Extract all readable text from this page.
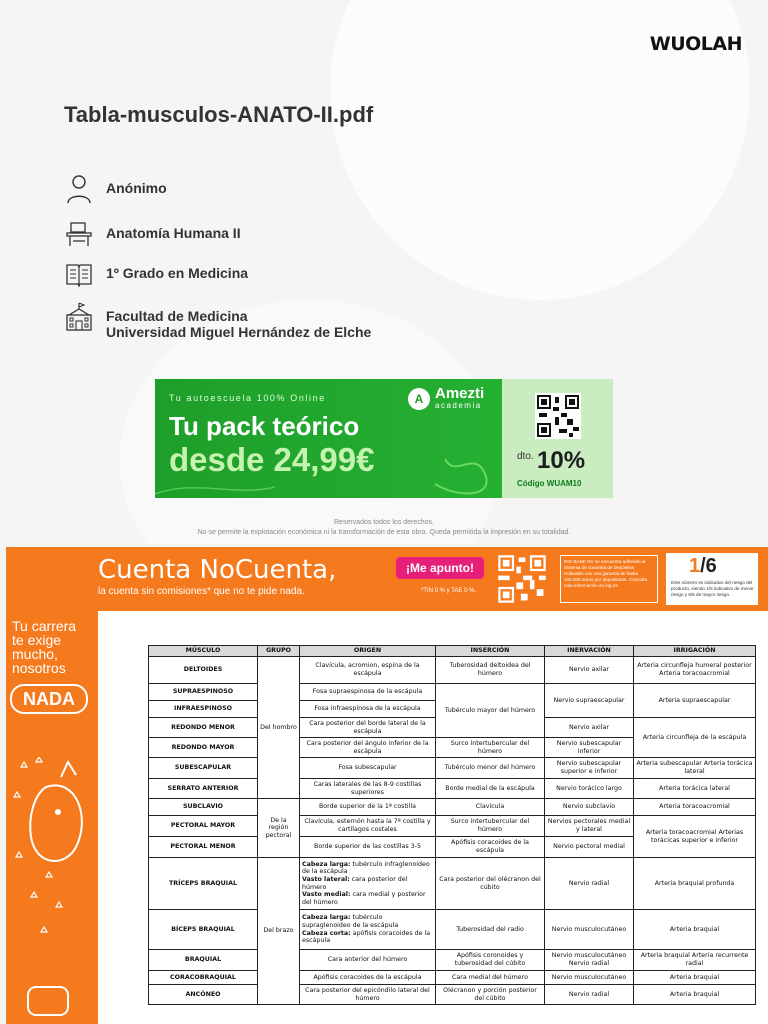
WUOLAH
Tabla-musculos-ANATO-II.pdf
Anónimo
Anatomía Humana II
1º Grado en Medicina
Facultad de Medicina
Universidad Miguel Hernández de Elche
Tu autoescuela 100% Online
Tu pack teórico
desde 24,99€
A Amezti
academia
dto. 10%
Código WUAM10
Reservados todos los derechos.
No se permite la explotación económica ni la transformación de esta obra. Queda permitida la impresión en su totalidad.
Cuenta NoCuenta,
la cuenta sin comisiones* que no te pide nada.
¡Me apunto!
*TIN 0 % y TAE 0 %.
ING BANK NV se encuentra adherido al Sistema de Garantía de Depósitos Holandés con una garantía de hasta 100.000 euros por depositante. Consulta más información en ing.es
1/6
Este número es indicativo del riesgo del producto, siendo 1/6 indicativo de menor riesgo y 6/6 de mayor riesgo.
Tu carrera
te exige
mucho,
nosotros
NADA
MÚSCULO	GRUPO	ORIGEN	INSERCIÓN	INERVACIÓN	IRRIGACIÓN
DELTOIDES	Del hombro	Clavícula, acromion, espina de la escápula	Tuberosidad deltoidea del húmero	Nervio axilar	Arteria circunfleja humeral posterior Arteria toracoacromial
SUPRAESPINOSO		Fosa supraespinosa de la escápula	Tubérculo mayor del húmero	Nervio supraescapular	Arteria supraescapular
INFRAESPINOSO		Fosa infraespinosa de la escápula			
REDONDO MENOR		Cara posterior del borde lateral de la escápula		Nervio axilar	Arteria circunfleja de la escápula
REDONDO MAYOR		Cara posterior del ángulo inferior de la escápula	Surco intertubercular del húmero	Nervio subescapular inferior	
SUBESCAPULAR		Fosa subescapular	Tubérculo menor del húmero	Nervio subescapular superior e inferior	Arteria subescapular Arteria torácica lateral
SERRATO ANTERIOR		Caras laterales de las 8-9 costillas superiores	Borde medial de la escápula	Nervio torácico largo	Arteria torácica lateral
SUBCLAVIO	De la región pectoral	Borde superior de la 1ª costilla	Clavícula	Nervio subclavio	Arteria toracoacromial
PECTORAL MAYOR		Clavícula, esternón hasta la 7ª costilla y cartílagos costales	Surco intertubercular del húmero	Nervios pectorales medial y lateral	Arteria toracoacromial Arterias torácicas superior e inferior
PECTORAL MENOR		Borde superior de las costillas 3-5	Apófisis coracoides de la escápula	Nervio pectoral medial	
TRÍCEPS BRAQUIAL	Del brazo	Cabeza larga: tubérculo infraglenoideo de la escápula
Vasto lateral: cara posterior del húmero
Vasto medial: cara medial y posterior del húmero	Cara posterior del olécranon del cúbito	Nervio radial	Arteria braquial profunda
BÍCEPS BRAQUIAL		Cabeza larga: tubérculo supraglenoideo de la escápula
Cabeza corta: apófisis coracoides de la escápula	Tuberosidad del radio	Nervio musculocutáneo	Arteria braquial
BRAQUIAL		Cara anterior del húmero	Apófisis coronoides y tuberosidad del cúbito	Nervio musculocutáneo Nervio radial	Arteria braquial Arteria recurrente radial
CORACOBRAQUIAL		Apófisis coracoides de la escápula	Cara medial del húmero	Nervio musculocutáneo	Arteria braquial
ANCÓNEO		Cara posterior del epicóndilo lateral del húmero	Olécranon y porción posterior del cúbito	Nervio radial	Arteria braquial
